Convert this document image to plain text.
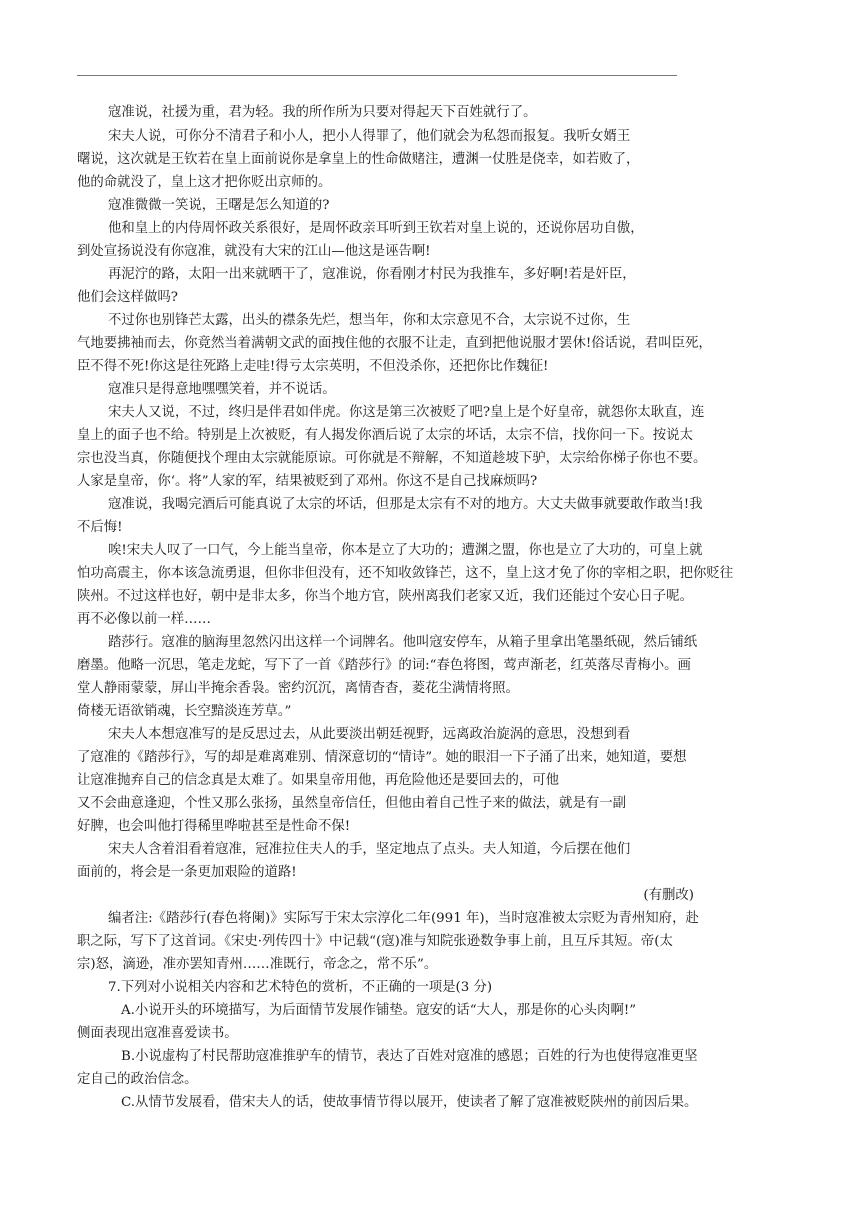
寇准说，社援为重，君为轻。我的所作所为只要对得起天下百姓就行了。
宋夫人说，可你分不清君子和小人，把小人得罪了，他们就会为私怨而报复。我听女婿王
曙说，这次就是王钦若在皇上面前说你是拿皇上的性命做赌注，遭渊一仗胜是侥幸，如若败了，
他的命就没了，皇上这才把你贬出京师的。
寇准微微一笑说，王曙是怎么知道的?
他和皇上的内侍周怀政关系很好，是周怀政亲耳听到王钦若对皇上说的，还说你居功自傲，
到处宣扬说没有你寇准，就没有大宋的江山—他这是诬告啊!
再泥泞的路，太阳一出来就晒干了，寇准说，你看刚才村民为我推车，多好啊!若是奸臣，
他们会这样做吗?
不过你也别锋芒太露，出头的襟条先烂，想当年，你和太宗意见不合，太宗说不过你，生
气地要拂袖而去，你竟然当着满朝文武的面拽住他的衣服不让走，直到把他说服才罢休!俗话说，君叫臣死，
臣不得不死!你这是往死路上走哇!得亏太宗英明，不但没杀你，还把你比作魏征!
寇准只是得意地嘿嘿笑着，并不说话。
宋夫人又说，不过，终归是伴君如伴虎。你这是第三次被贬了吧?皇上是个好皇帝，就怨你太耿直，连
皇上的面子也不给。特别是上次被贬，有人揭发你酒后说了太宗的坏话，太宗不信，找你问一下。按说太
宗也没当真，你随便找个理由太宗就能原谅。可你就是不辩解，不知道趁坡下驴，太宗给你梯子你也不要。
人家是皇帝，你‘。将”人家的军，结果被贬到了邓州。你这不是自己找麻烦吗?
寇准说，我喝完酒后可能真说了太宗的坏话，但那是太宗有不对的地方。大丈夫做事就要敢作敢当!我
不后悔!
唉!宋夫人叹了一口气，今上能当皇帝，你本是立了大功的；遭渊之盟，你也是立了大功的，可皇上就
怕功高震主，你本该急流勇退，但你非但没有，还不知收敛锋芒，这不，皇上这才免了你的宰相之职，把你贬往
陕州。不过这样也好，朝中是非太多，你当个地方官，陕州离我们老家又近，我们还能过个安心日子呢。
再不必像以前一样……
踏莎行。寇准的脑海里忽然闪出这样一个词牌名。他叫寇安停车，从箱子里拿出笔墨纸砚，然后铺纸
磨墨。他略一沉思，笔走龙蛇，写下了一首《踏莎行》的词:“春色将图，莺声渐老，红英落尽青梅小。画
堂人静雨蒙蒙，屏山半掩余香袅。密约沉沉，离情杳杳，菱花尘满情将照。
倚楼无语欲销魂，长空黯淡连芳草。”
宋夫人本想寇准写的是反思过去，从此要淡出朝廷视野，远离政治旋涡的意思，没想到看
了寇准的《踏莎行》，写的却是难离难别、情深意切的“情诗”。她的眼泪一下子涌了出来，她知道，要想
让寇准抛弃自己的信念真是太难了。如果皇帝用他，再危险他还是要回去的，可他
又不会曲意逢迎，个性又那么张扬，虽然皇帝信任，但他由着自己性子来的做法，就是有一副
好脾，也会叫他打得稀里哗啦甚至是性命不保!
宋夫人含着泪看着寇准，冠准拉住夫人的手，坚定地点了点头。夫人知道，今后摆在他们
面前的，将会是一条更加艰险的道路!
(有删改)
编者注:《踏莎行(春色将阑)》实际写于宋太宗淳化二年(991 年)，当时寇准被太宗贬为青州知府，赴
职之际，写下了这首词。《宋史·列传四十》中记载“(寇)准与知院张逊数争事上前，且互斥其短。帝(太
宗)怒，滴逊，准亦罢知青州……准既行，帝念之，常不乐”。
7.下列对小说相关内容和艺术特色的赏析，不正确的一项是(3 分)
A.小说开头的环境描写，为后面情节发展作铺垫。寇安的话“大人，那是你的心头肉啊!”
侧面表现出寇准喜爱读书。
B.小说虚构了村民帮助寇准推驴车的情节，表达了百姓对寇准的感恩；百姓的行为也使得寇准更坚
定自己的政治信念。
C.从情节发展看，借宋夫人的话，使故事情节得以展开，使读者了解了寇准被贬陕州的前因后果。
